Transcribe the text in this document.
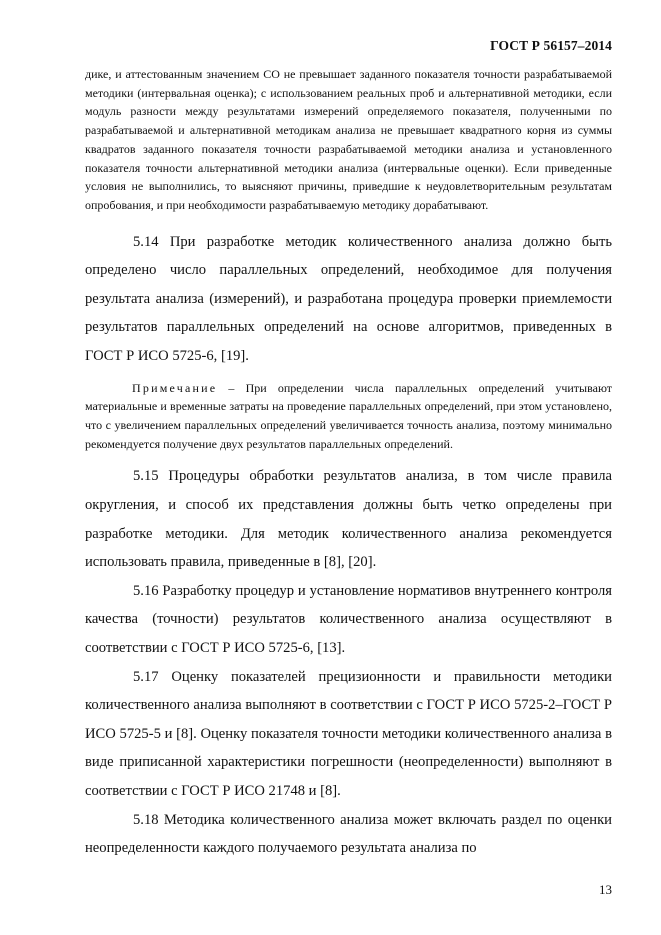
ГОСТ Р 56157–2014

дике, и аттестованным значением СО не превышает заданного показателя точности разрабатываемой методики (интервальная оценка); с использованием реальных проб и альтернативной методики, если модуль разности между результатами измерений определяемого показателя, полученными по разрабатываемой и альтернативной методикам анализа не превышает квадратного корня из суммы квадратов заданного показателя точности разрабатываемой методики анализа и установленного показателя точности альтернативной методики анализа (интервальные оценки). Если приведенные условия не выполнились, то выясняют причины, приведшие к неудовлетворительным результатам опробования, и при необходимости разрабатываемую методику дорабатывают.

5.14 При разработке методик количественного анализа должно быть определено число параллельных определений, необходимое для получения результата анализа (измерений), и разработана процедура проверки приемлемости результатов параллельных определений на основе алгоритмов, приведенных в ГОСТ Р ИСО 5725-6, [19].

Примечание – При определении числа параллельных определений учитывают материальные и временные затраты на проведение параллельных определений, при этом установлено, что с увеличением параллельных определений увеличивается точность анализа, поэтому минимально рекомендуется получение двух результатов параллельных определений.

5.15 Процедуры обработки результатов анализа, в том числе правила округления, и способ их представления должны быть четко определены при разработке методики. Для методик количественного анализа рекомендуется использовать правила, приведенные в [8], [20].

5.16 Разработку процедур и установление нормативов внутреннего контроля качества (точности) результатов количественного анализа осуществляют в соответствии с ГОСТ Р ИСО 5725-6, [13].

5.17 Оценку показателей прецизионности и правильности методики количественного анализа выполняют в соответствии с ГОСТ Р ИСО 5725-2–ГОСТ Р ИСО 5725-5 и [8]. Оценку показателя точности методики количественного анализа в виде приписанной характеристики погрешности (неопределенности) выполняют в соответствии с ГОСТ Р ИСО 21748 и [8].

5.18 Методика количественного анализа может включать раздел по оценки неопределенности каждого получаемого результата анализа по

13
